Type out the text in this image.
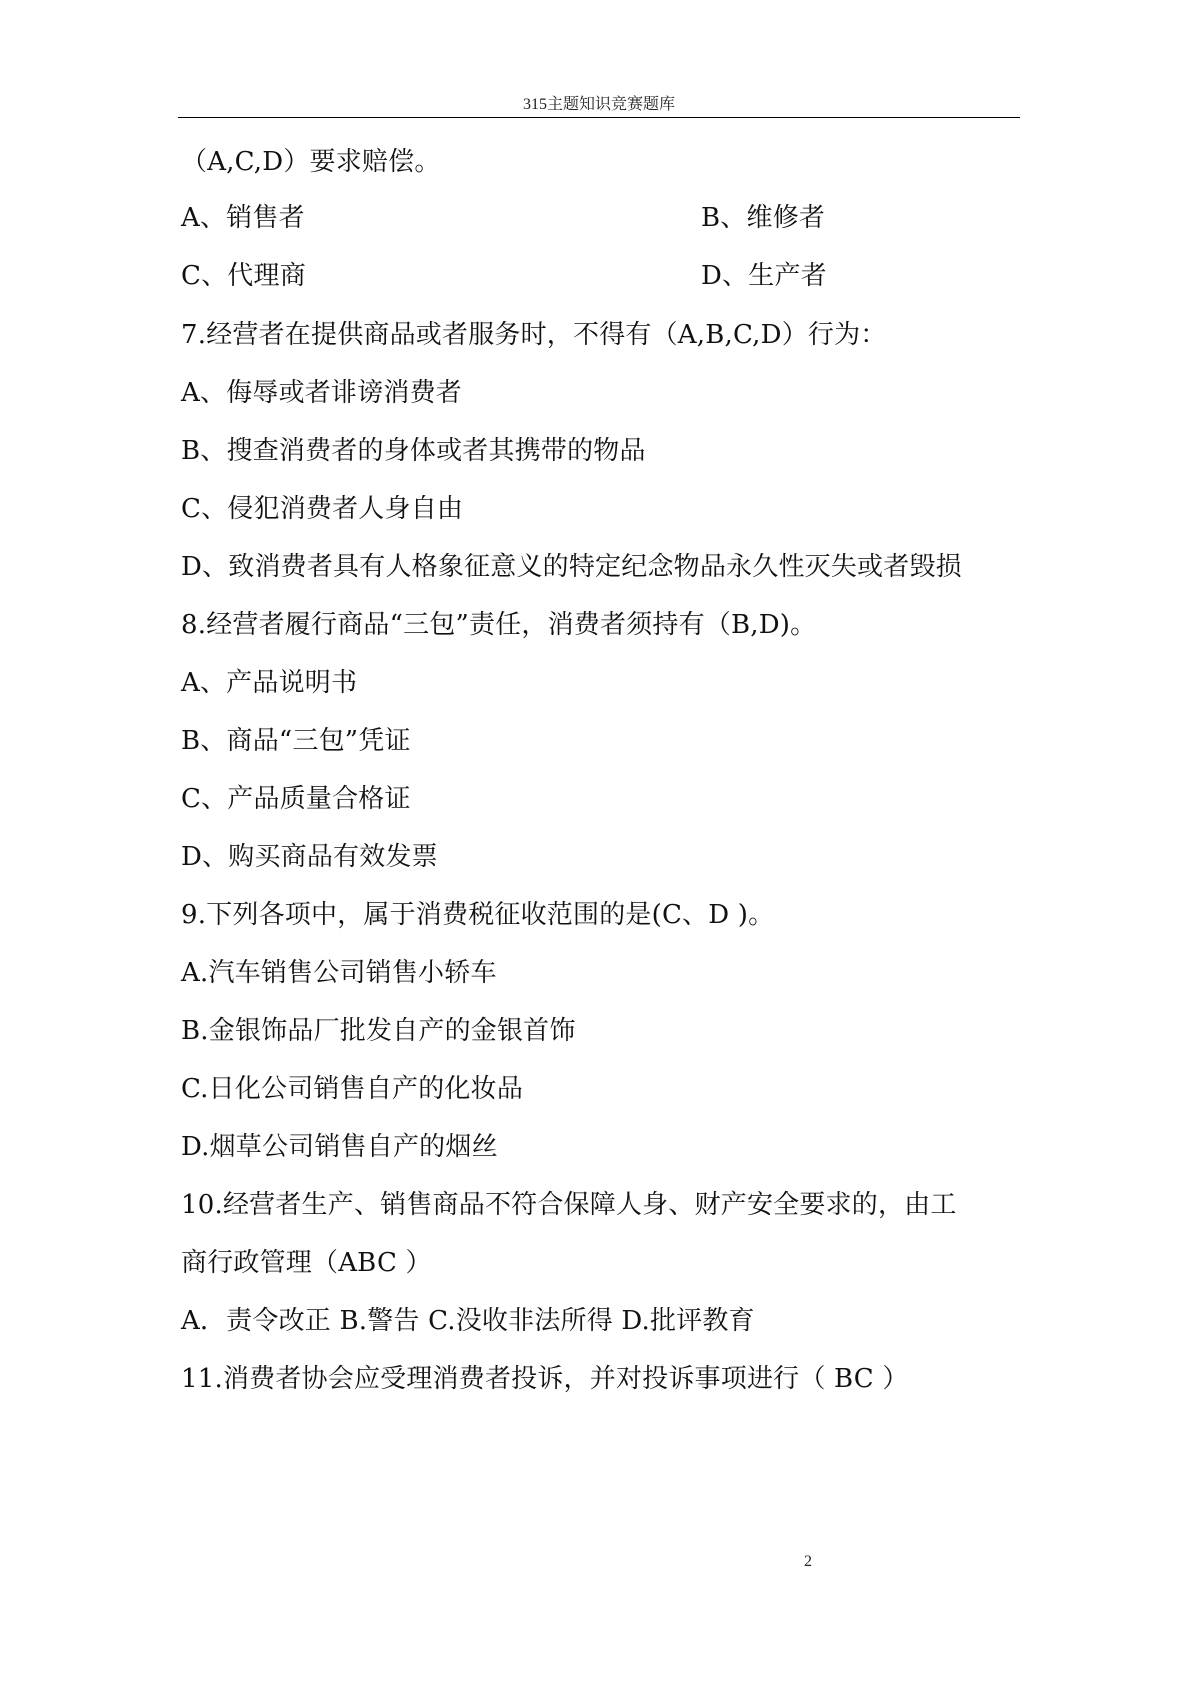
315主题知识竞赛题库
（A,C,D）要求赔偿。
A、销售者	B、维修者
C、代理商	D、生产者
7.经营者在提供商品或者服务时，不得有（A,B,C,D）行为：
A、侮辱或者诽谤消费者
B、搜查消费者的身体或者其携带的物品
C、侵犯消费者人身自由
D、致消费者具有人格象征意义的特定纪念物品永久性灭失或者毁损
8.经营者履行商品“三包”责任，消费者须持有（B,D)。
A、产品说明书
B、商品“三包”凭证
C、产品质量合格证
D、购买商品有效发票
9.下列各项中，属于消费税征收范围的是(C、D )。
A.汽车销售公司销售小轿车
B.金银饰品厂批发自产的金银首饰
C.日化公司销售自产的化妆品
D.烟草公司销售自产的烟丝
10.经营者生产、销售商品不符合保障人身、财产安全要求的，由工
商行政管理（ABC ）
A．责令改正 B.警告 C.没收非法所得 D.批评教育
11.消费者协会应受理消费者投诉，并对投诉事项进行（ BC ）
2
